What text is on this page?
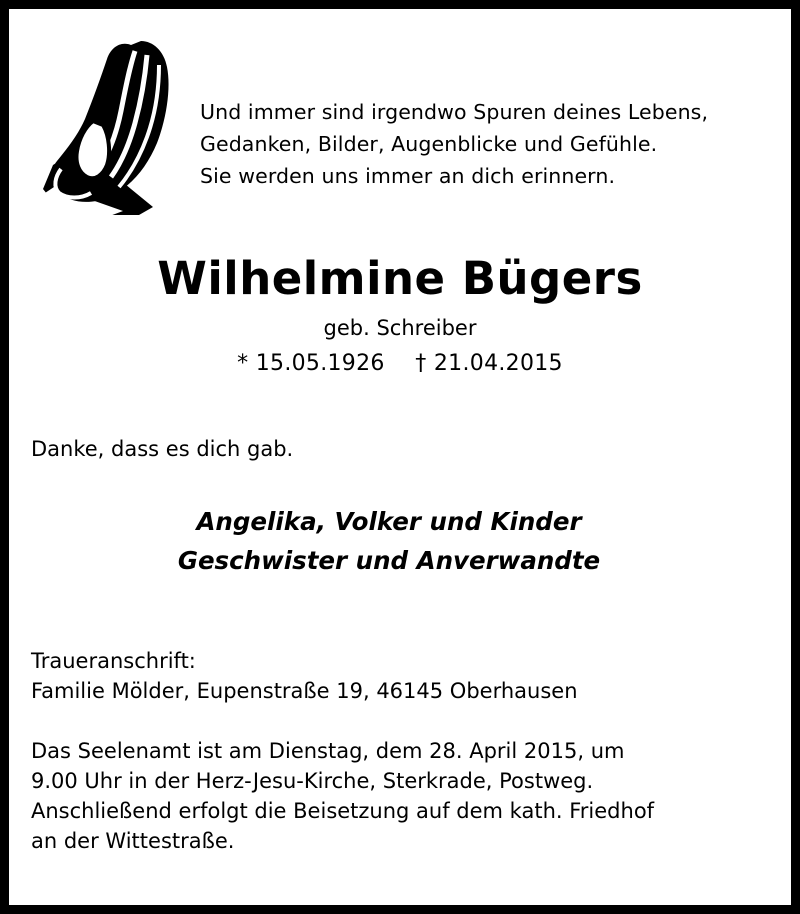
Und immer sind irgendwo Spuren deines Lebens,
Gedanken, Bilder, Augenblicke und Gefühle.
Sie werden uns immer an dich erinnern.
Wilhelmine Bügers
geb. Schreiber
* 15.05.1926 † 21.04.2015
Danke, dass es dich gab.
Angelika, Volker und Kinder
Geschwister und Anverwandte
Traueranschrift:
Familie Mölder, Eupenstraße 19, 46145 Oberhausen
Das Seelenamt ist am Dienstag, dem 28. April 2015, um
9.00 Uhr in der Herz-Jesu-Kirche, Sterkrade, Postweg.
Anschließend erfolgt die Beisetzung auf dem kath. Friedhof
an der Wittestraße.
